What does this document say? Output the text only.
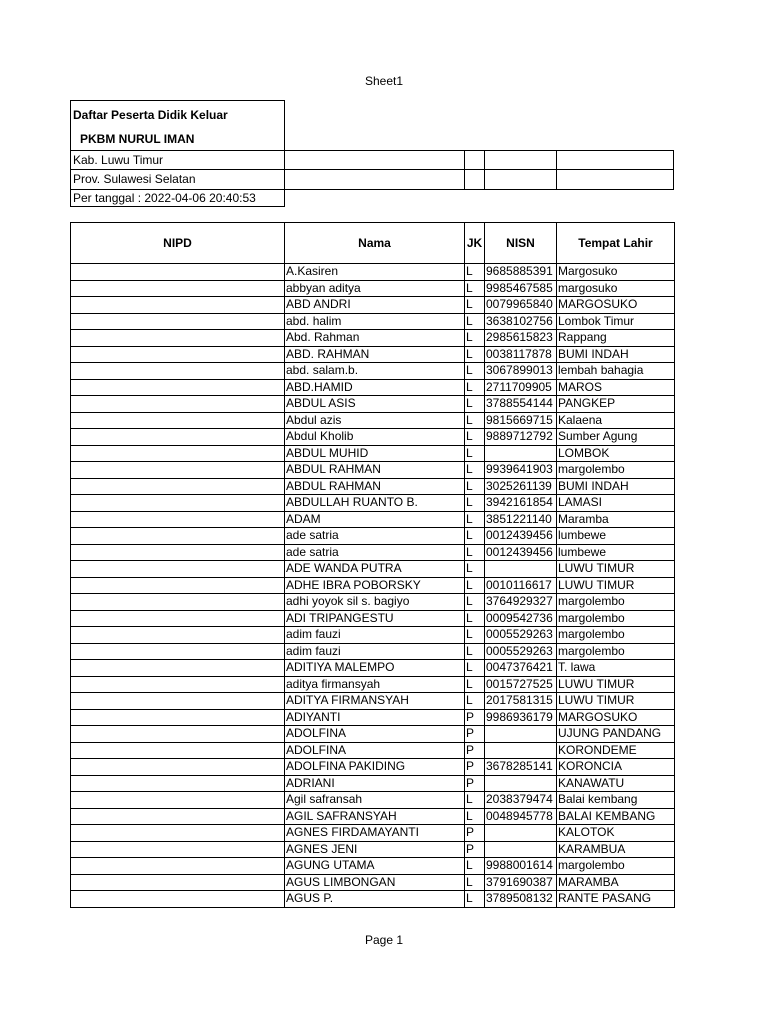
Sheet1
Daftar Peserta Didik Keluar
PKBM NURUL IMAN
Kab. Luwu Timur
Prov. Sulawesi Selatan
Per tanggal : 2022-04-06 20:40:53
NIPD	Nama	JK	NISN	Tempat Lahir
	A.Kasiren	L	9685885391	Margosuko
	abbyan aditya	L	9985467585	margosuko
	ABD ANDRI	L	0079965840	MARGOSUKO
	abd. halim	L	3638102756	Lombok Timur
	Abd. Rahman	L	2985615823	Rappang
	ABD. RAHMAN	L	0038117878	BUMI INDAH
	abd. salam.b.	L	3067899013	lembah bahagia
	ABD.HAMID	L	2711709905	MAROS
	ABDUL ASIS	L	3788554144	PANGKEP
	Abdul azis	L	9815669715	Kalaena
	Abdul Kholib	L	9889712792	Sumber Agung
	ABDUL MUHID	L		LOMBOK
	ABDUL RAHMAN	L	9939641903	margolembo
	ABDUL RAHMAN	L	3025261139	BUMI INDAH
	ABDULLAH RUANTO B.	L	3942161854	LAMASI
	ADAM	L	3851221140	Maramba
	ade satria	L	0012439456	lumbewe
	ade satria	L	0012439456	lumbewe
	ADE WANDA PUTRA	L		LUWU TIMUR
	ADHE IBRA POBORSKY	L	0010116617	LUWU TIMUR
	adhi yoyok sil s. bagiyo	L	3764929327	margolembo
	ADI TRIPANGESTU	L	0009542736	margolembo
	adim fauzi	L	0005529263	margolembo
	adim fauzi	L	0005529263	margolembo
	ADITIYA MALEMPO	L	0047376421	T. lawa
	aditya firmansyah	L	0015727525	LUWU TIMUR
	ADITYA FIRMANSYAH	L	2017581315	LUWU TIMUR
	ADIYANTI	P	9986936179	MARGOSUKO
	ADOLFINA	P		UJUNG PANDANG
	ADOLFINA	P		KORONDEME
	ADOLFINA PAKIDING	P	3678285141	KORONCIA
	ADRIANI	P		KANAWATU
	Agil safransah	L	2038379474	Balai kembang
	AGIL SAFRANSYAH	L	0048945778	BALAI KEMBANG
	AGNES FIRDAMAYANTI	P		KALOTOK
	AGNES JENI	P		KARAMBUA
	AGUNG UTAMA	L	9988001614	margolembo
	AGUS LIMBONGAN	L	3791690387	MARAMBA
	AGUS P.	L	3789508132	RANTE PASANG
Page 1
